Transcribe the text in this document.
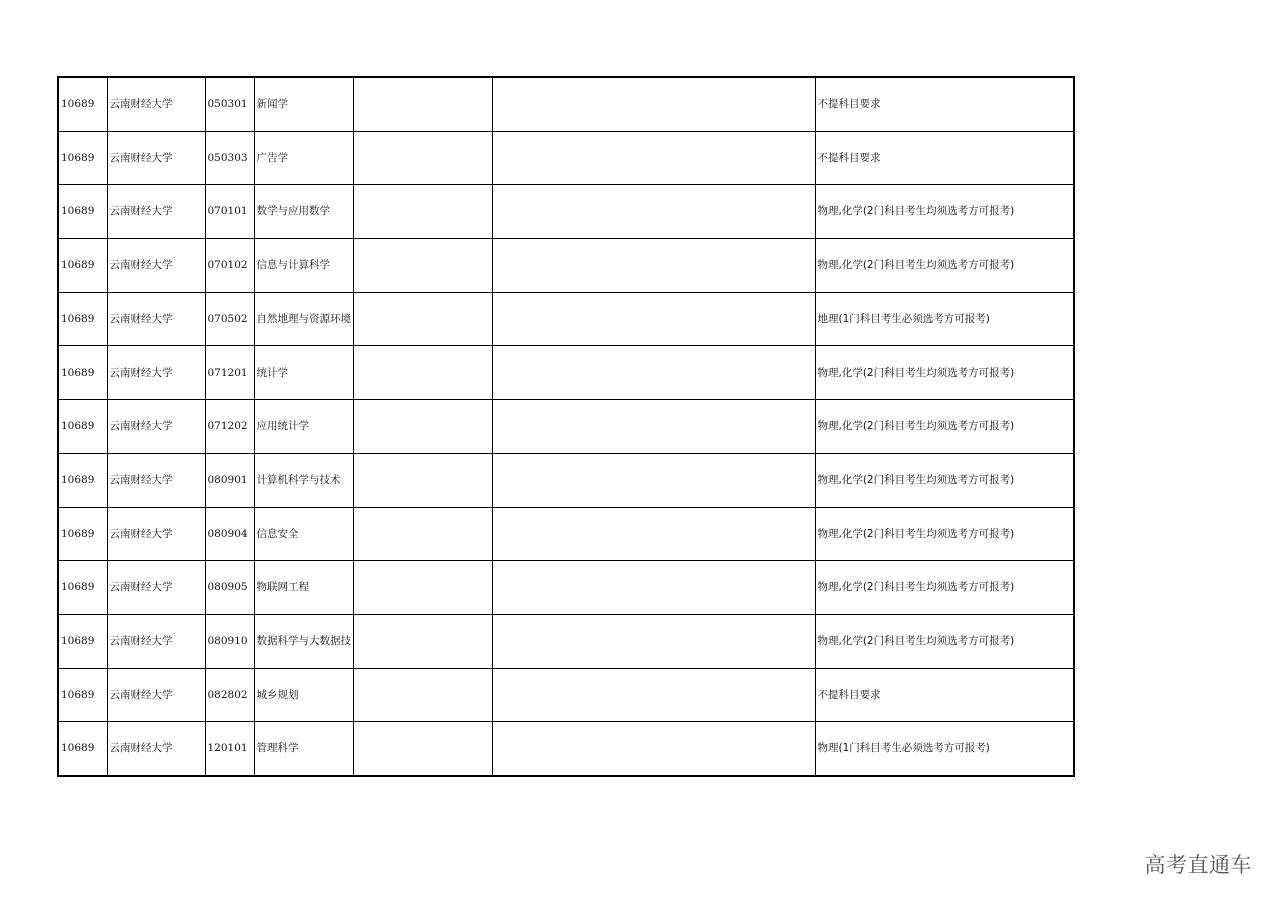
10689	云南财经大学	050301	新闻学			不提科目要求
10689	云南财经大学	050303	广告学			不提科目要求
10689	云南财经大学	070101	数学与应用数学			物理,化学(2门科目考生均须选考方可报考)
10689	云南财经大学	070102	信息与计算科学			物理,化学(2门科目考生均须选考方可报考)
10689	云南财经大学	070502	自然地理与资源环境			地理(1门科目考生必须选考方可报考)
10689	云南财经大学	071201	统计学			物理,化学(2门科目考生均须选考方可报考)
10689	云南财经大学	071202	应用统计学			物理,化学(2门科目考生均须选考方可报考)
10689	云南财经大学	080901	计算机科学与技术			物理,化学(2门科目考生均须选考方可报考)
10689	云南财经大学	080904	信息安全			物理,化学(2门科目考生均须选考方可报考)
10689	云南财经大学	080905	物联网工程			物理,化学(2门科目考生均须选考方可报考)
10689	云南财经大学	080910	数据科学与大数据技			物理,化学(2门科目考生均须选考方可报考)
10689	云南财经大学	082802	城乡规划			不提科目要求
10689	云南财经大学	120101	管理科学			物理(1门科目考生必须选考方可报考)
高考直通车
